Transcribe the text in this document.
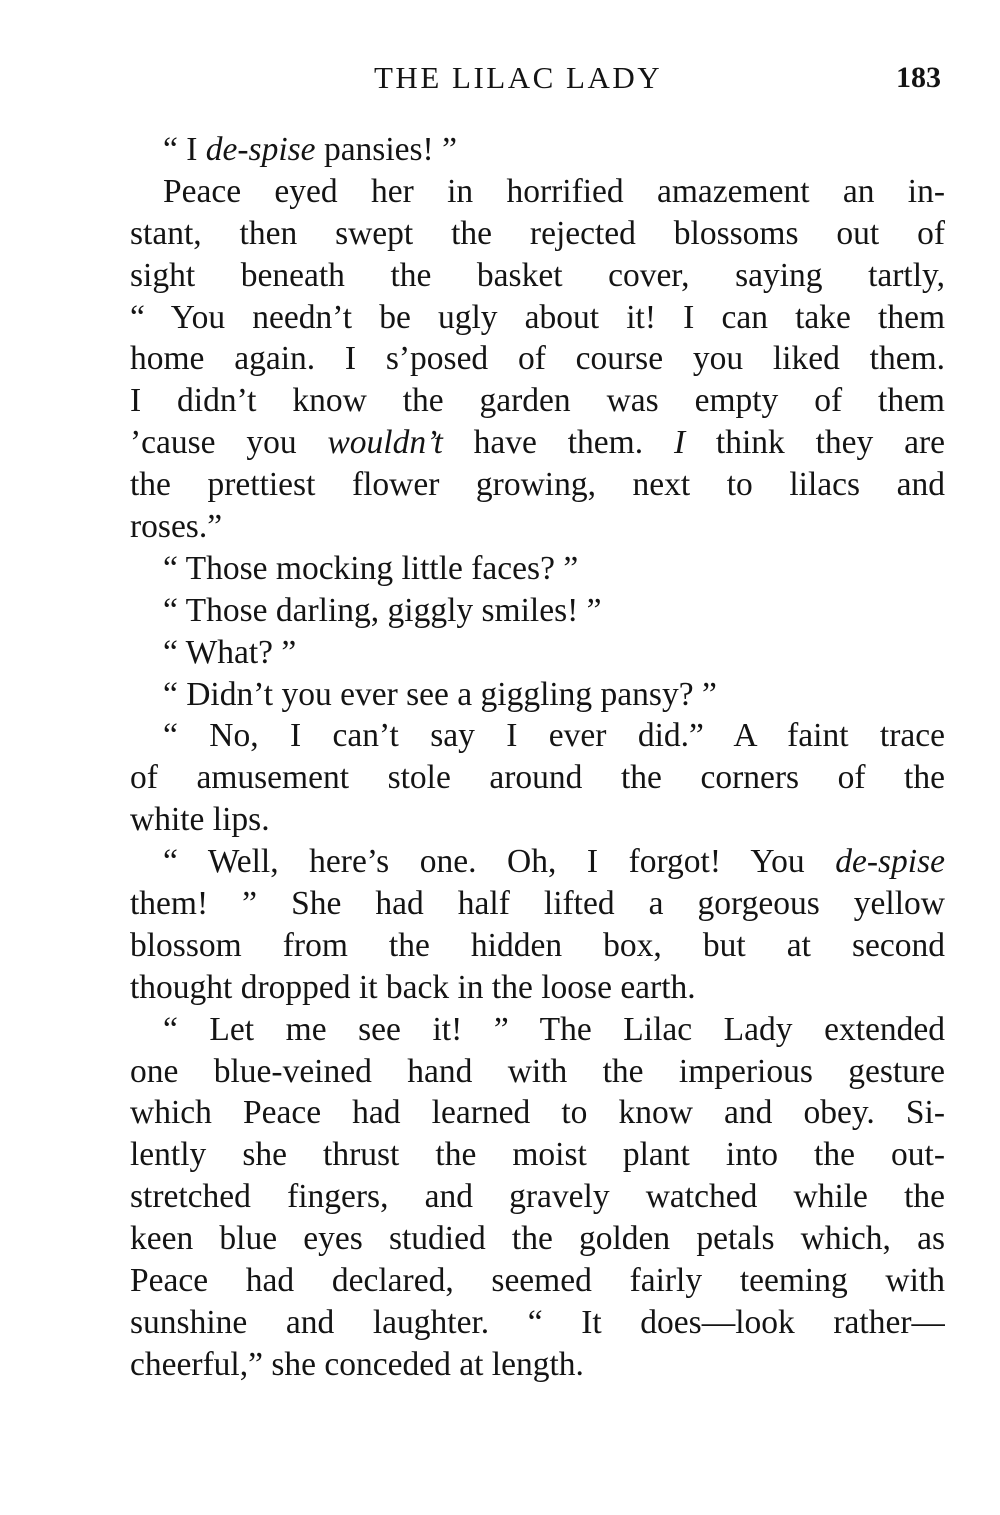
THE LILAC LADY	183
“ I de-spise pansies! ”
Peace eyed her in horrified amazement an in-
stant, then swept the rejected blossoms out of
sight beneath the basket cover, saying tartly,
“ You needn’t be ugly about it! I can take them
home again. I s’posed of course you liked them.
I didn’t know the garden was empty of them
’cause you wouldn’t have them. I think they are
the prettiest flower growing, next to lilacs and
roses.”
“ Those mocking little faces? ”
“ Those darling, giggly smiles! ”
“ What? ”
“ Didn’t you ever see a giggling pansy? ”
“ No, I can’t say I ever did.” A faint trace
of amusement stole around the corners of the
white lips.
“ Well, here’s one. Oh, I forgot! You de-spise
them! ” She had half lifted a gorgeous yellow
blossom from the hidden box, but at second
thought dropped it back in the loose earth.
“ Let me see it! ” The Lilac Lady extended
one blue-veined hand with the imperious gesture
which Peace had learned to know and obey. Si-
lently she thrust the moist plant into the out-
stretched fingers, and gravely watched while the
keen blue eyes studied the golden petals which, as
Peace had declared, seemed fairly teeming with
sunshine and laughter. “ It does—look rather—
cheerful,” she conceded at length.
